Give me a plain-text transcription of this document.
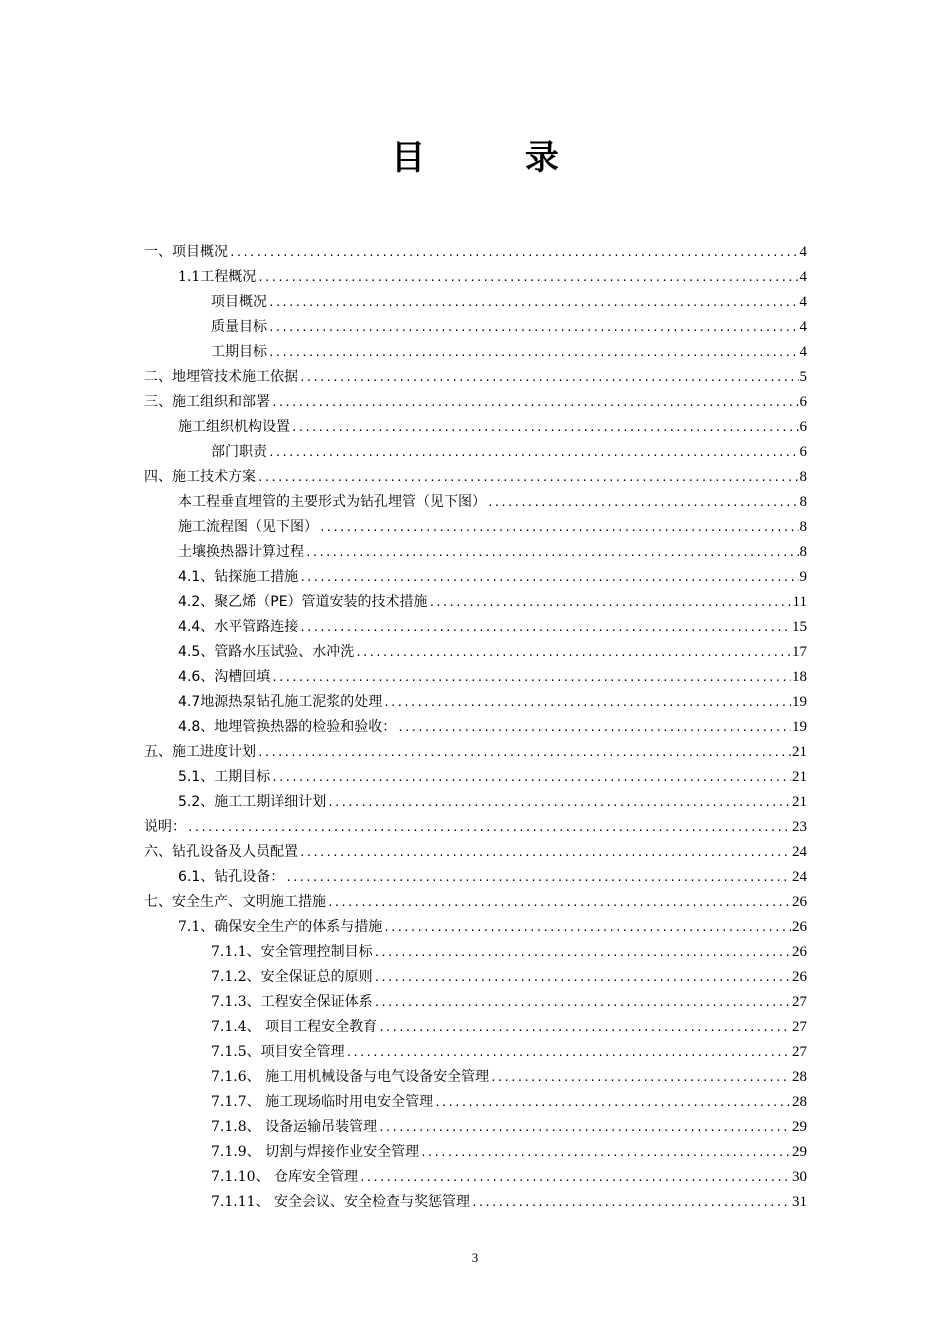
目 录
一、项目概况 .....	4
1.1工程概况 .....	4
项目概况 .....	4
质量目标 .....	4
工期目标 .....	4
二、地埋管技术施工依据 .....	5
三、施工组织和部署 .....	6
施工组织机构设置 .....	6
部门职责 .....	6
四、施工技术方案 .....	8
本工程垂直埋管的主要形式为钻孔埋管（见下图） .....	8
施工流程图（见下图） .....	8
土壤换热器计算过程 .....	8
4.1、钻探施工措施 .....	9
4.2、聚乙烯（PE）管道安装的技术措施 .....	11
4.4、水平管路连接 .....	15
4.5、管路水压试验、水冲洗 .....	17
4.6、沟槽回填 .....	18
4.7地源热泵钻孔施工泥浆的处理 .....	19
4.8、地埋管换热器的检验和验收： .....	19
五、施工进度计划 .....	21
5.1、工期目标 .....	21
5.2、施工工期详细计划 .....	21
说明： .....	23
六、钻孔设备及人员配置 .....	24
6.1、钻孔设备： .....	24
七、安全生产、文明施工措施 .....	26
7.1、确保安全生产的体系与措施 .....	26
7.1.1、安全管理控制目标 .....	26
7.1.2、安全保证总的原则 .....	26
7.1.3、工程安全保证体系 .....	27
7.1.4、 项目工程安全教育 .....	27
7.1.5、项目安全管理 .....	27
7.1.6、 施工用机械设备与电气设备安全管理 .....	28
7.1.7、 施工现场临时用电安全管理 .....	28
7.1.8、 设备运输吊装管理 .....	29
7.1.9、 切割与焊接作业安全管理 .....	29
7.1.10、 仓库安全管理 .....	30
7.1.11、 安全会议、安全检查与奖惩管理 .....	31
3
